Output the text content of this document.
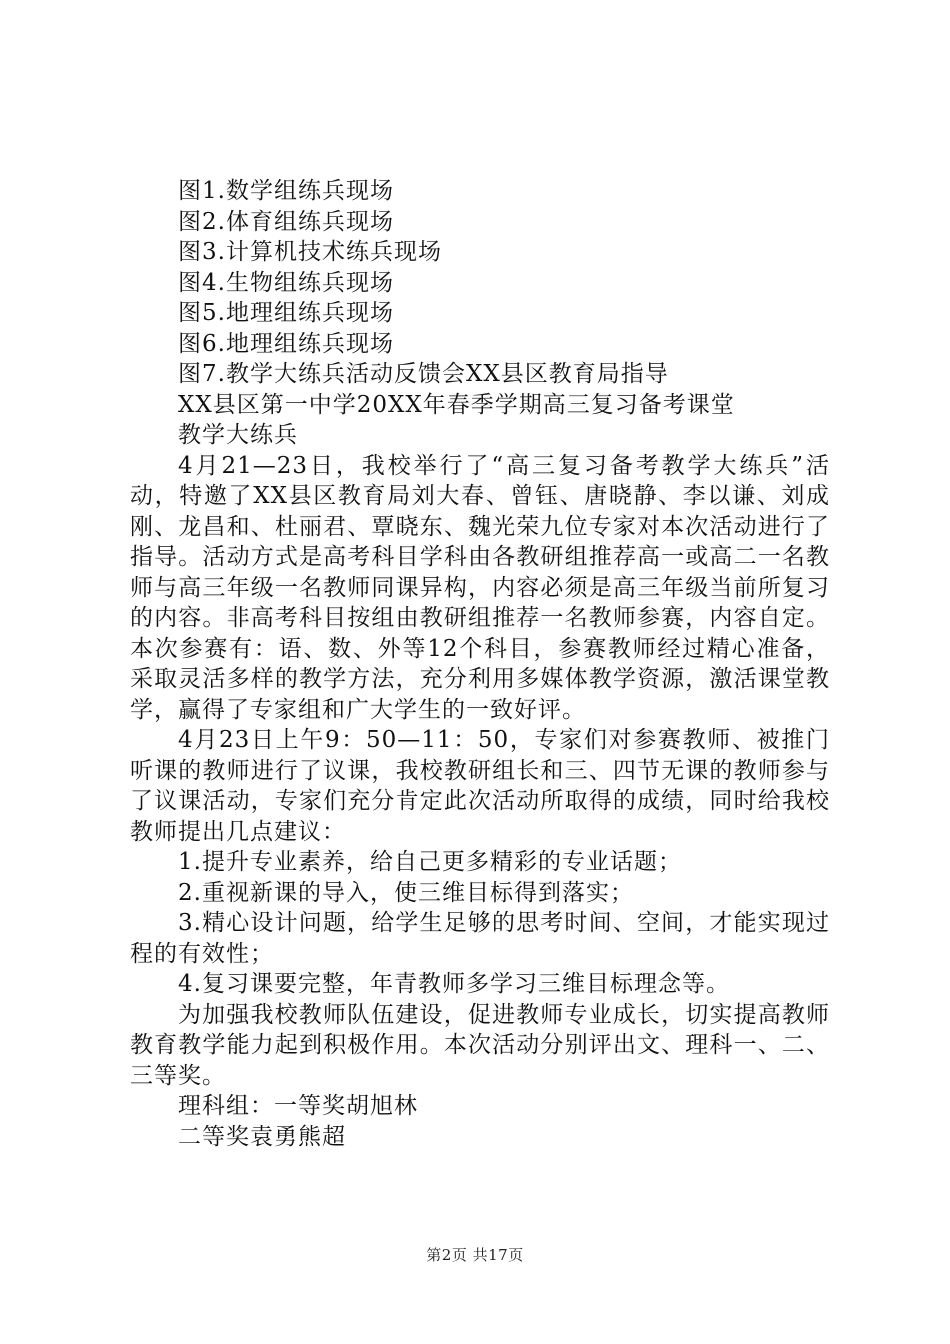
图1.数学组练兵现场

图2.体育组练兵现场

图3.计算机技术练兵现场

图4.生物组练兵现场

图5.地理组练兵现场

图6.地理组练兵现场

图7.教学大练兵活动反馈会XX县区教育局指导

XX县区第一中学20XX年春季学期高三复习备考课堂

教学大练兵

4月21—23日，我校举行了“高三复习备考教学大练兵”活动，特邀了XX县区教育局刘大春、曾钰、唐晓静、李以谦、刘成刚、龙昌和、杜丽君、覃晓东、魏光荣九位专家对本次活动进行了指导。活动方式是高考科目学科由各教研组推荐高一或高二一名教师与高三年级一名教师同课异构，内容必须是高三年级当前所复习的内容。非高考科目按组由教研组推荐一名教师参赛，内容自定。本次参赛有：语、数、外等12个科目，参赛教师经过精心准备，采取灵活多样的教学方法，充分利用多媒体教学资源，激活课堂教学，赢得了专家组和广大学生的一致好评。

4月23日上午9：50—11：50，专家们对参赛教师、被推门听课的教师进行了议课，我校教研组长和三、四节无课的教师参与了议课活动，专家们充分肯定此次活动所取得的成绩，同时给我校教师提出几点建议：

1.提升专业素养，给自己更多精彩的专业话题；

2.重视新课的导入，使三维目标得到落实；

3.精心设计问题，给学生足够的思考时间、空间，才能实现过程的有效性；

4.复习课要完整，年青教师多学习三维目标理念等。

为加强我校教师队伍建设，促进教师专业成长，切实提高教师教育教学能力起到积极作用。本次活动分别评出文、理科一、二、三等奖。

理科组：一等奖胡旭林

二等奖袁勇熊超

第2页 共17页
